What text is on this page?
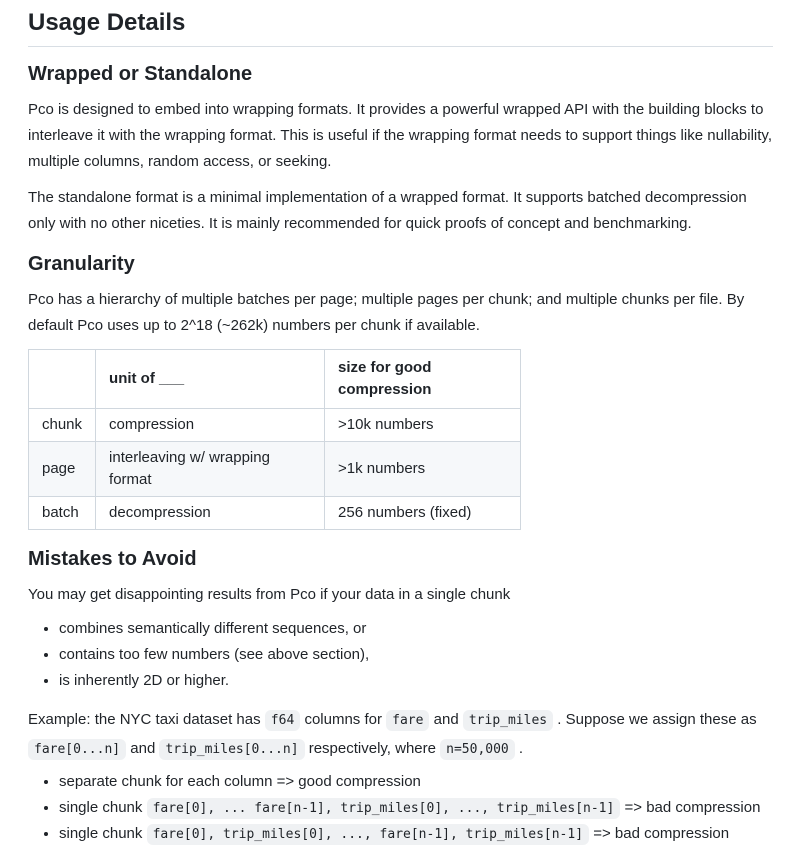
Usage Details
Wrapped or Standalone

Pco is designed to embed into wrapping formats. It provides a powerful wrapped API with the building blocks to interleave it with the wrapping format. This is useful if the wrapping format needs to support things like nullability, multiple columns, random access, or seeking.

The standalone format is a minimal implementation of a wrapped format. It supports batched decompression only with no other niceties. It is mainly recommended for quick proofs of concept and benchmarking.

Granularity

Pco has a hierarchy of multiple batches per page; multiple pages per chunk; and multiple chunks per file. By default Pco uses up to 2^18 (~262k) numbers per chunk if available.

	unit of ___	size for good compression
chunk	compression	>10k numbers
page	interleaving w/ wrapping format	>1k numbers
batch	decompression	256 numbers (fixed)
Mistakes to Avoid

You may get disappointing results from Pco if your data in a single chunk

• combines semantically different sequences, or
• contains too few numbers (see above section),
• is inherently 2D or higher.

Example: the NYC taxi dataset has f64 columns for fare and trip_miles . Suppose we assign these as fare[0...n] and trip_miles[0...n] respectively, where n=50,000 .

• separate chunk for each column => good compression
• single chunk fare[0], ... fare[n-1], trip_miles[0], ..., trip_miles[n-1] => bad compression
• single chunk fare[0], trip_miles[0], ..., fare[n-1], trip_miles[n-1] => bad compression
